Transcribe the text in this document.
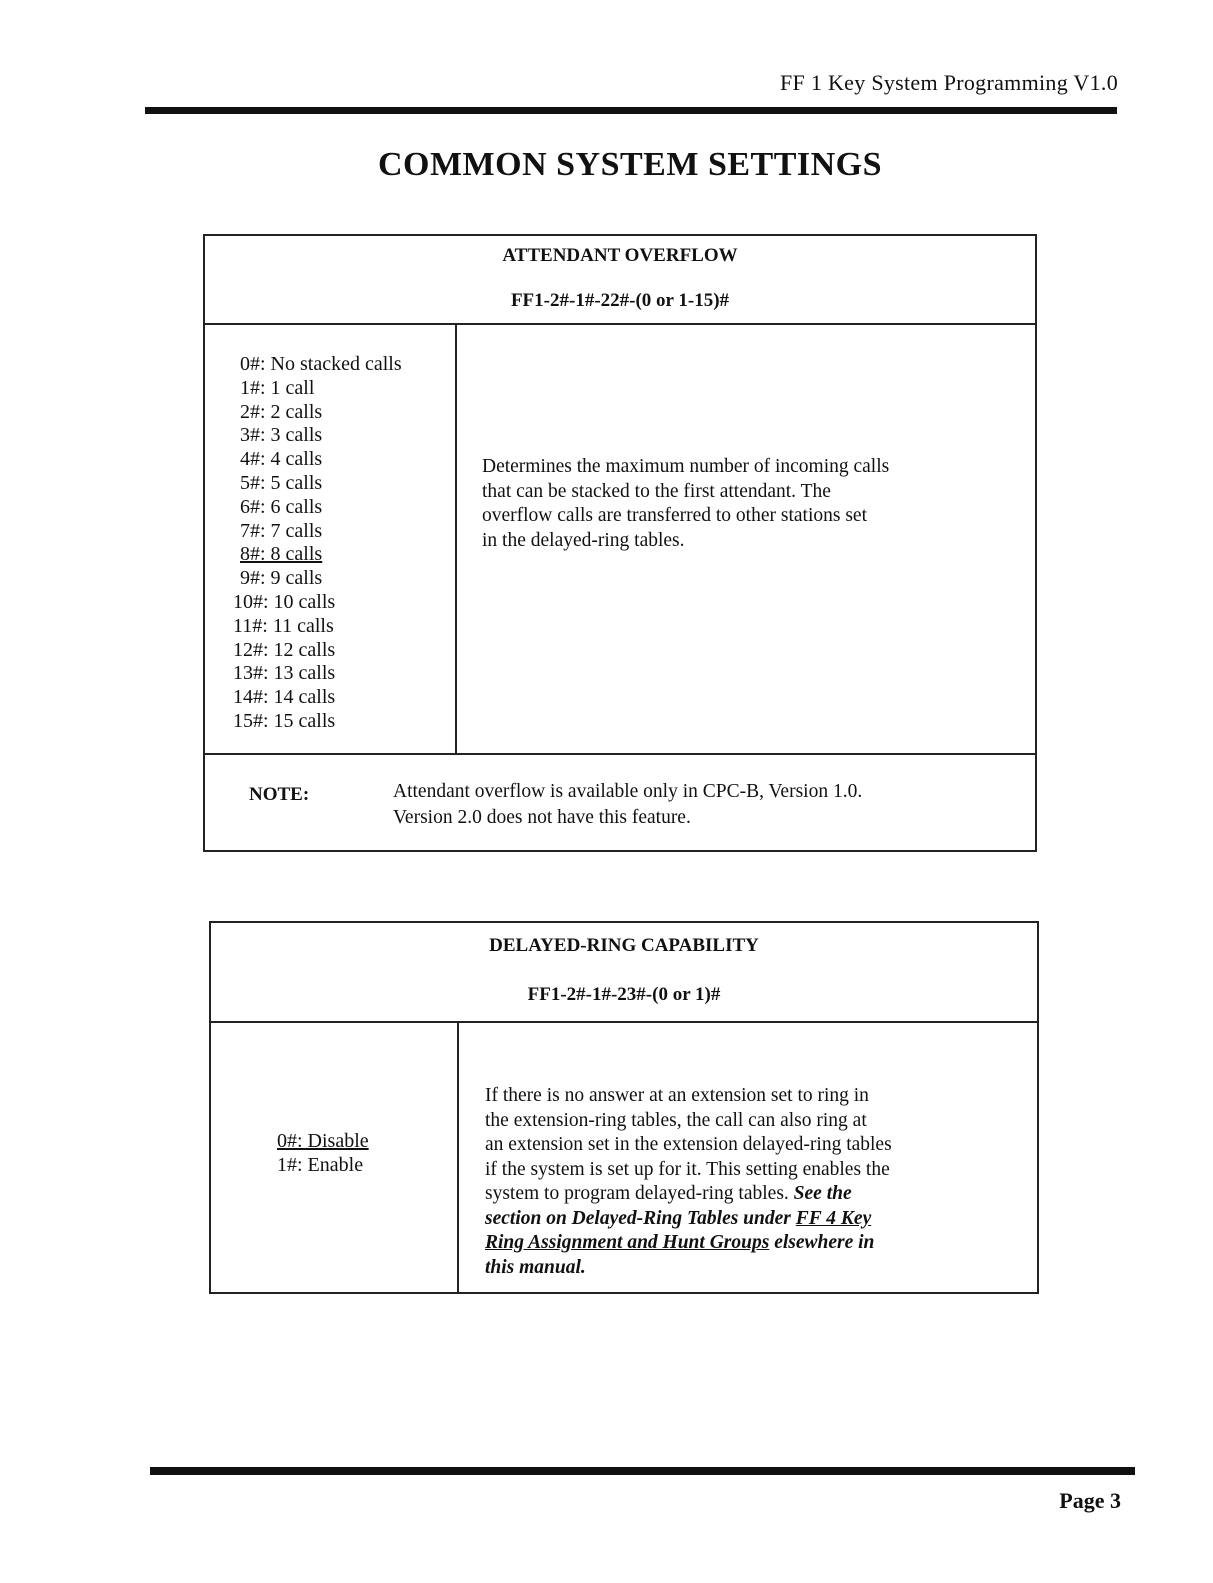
FF 1 Key System Programming V1.0
COMMON SYSTEM SETTINGS
ATTENDANT OVERFLOW
FF1-2#-1#-22#-(0 or 1-15)#
0#: No stacked calls
1#: 1 call
2#: 2 calls
3#: 3 calls
4#: 4 calls
5#: 5 calls
6#: 6 calls
7#: 7 calls
8#: 8 calls
9#: 9 calls
10#: 10 calls
11#: 11 calls
12#: 12 calls
13#: 13 calls
14#: 14 calls
15#: 15 calls
Determines the maximum number of incoming calls
that can be stacked to the first attendant. The
overflow calls are transferred to other stations set
in the delayed-ring tables.
NOTE:	Attendant overflow is available only in CPC-B, Version 1.0.
Version 2.0 does not have this feature.
DELAYED-RING CAPABILITY
FF1-2#-1#-23#-(0 or 1)#
0#: Disable
1#: Enable
If there is no answer at an extension set to ring in
the extension-ring tables, the call can also ring at
an extension set in the extension delayed-ring tables
if the system is set up for it. This setting enables the
system to program delayed-ring tables. See the
section on Delayed-Ring Tables under FF 4 Key
Ring Assignment and Hunt Groups elsewhere in
this manual.
Page 3
